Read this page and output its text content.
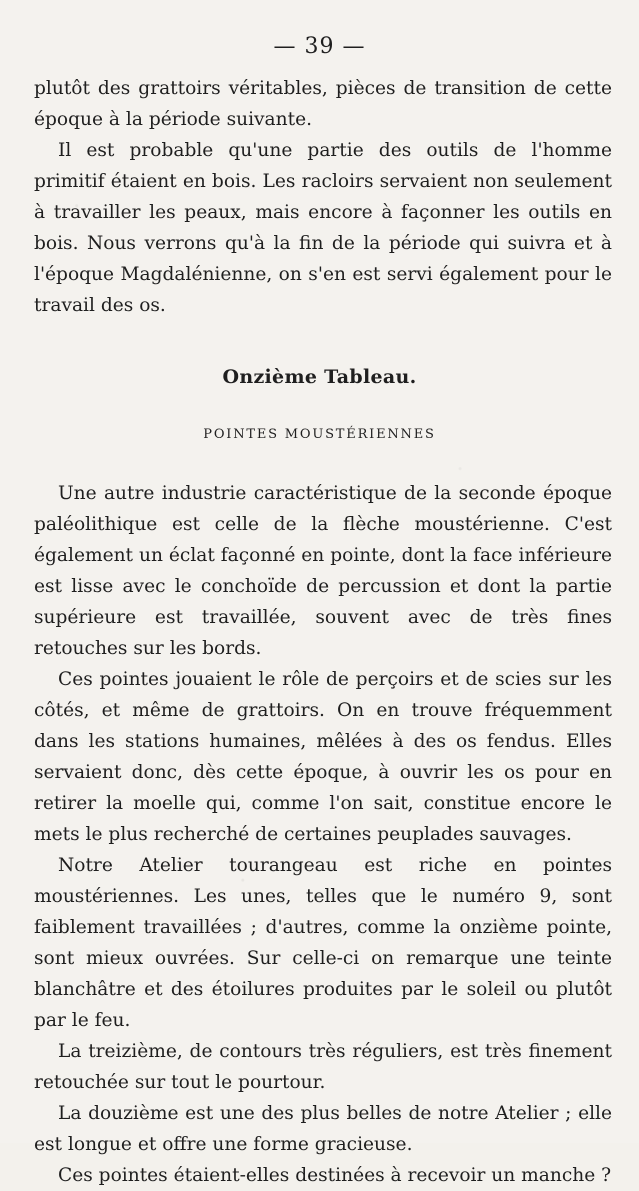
— 39 —

plutôt des grattoirs véritables, pièces de transition de cette époque à la période suivante.

Il est probable qu'une partie des outils de l'homme primitif étaient en bois. Les racloirs servaient non seulement à travailler les peaux, mais encore à façonner les outils en bois. Nous verrons qu'à la fin de la période qui suivra et à l'époque Magdalénienne, on s'en est servi également pour le travail des os.

Onzième Tableau.
POINTES MOUSTÉRIENNES

Une autre industrie caractéristique de la seconde époque paléolithique est celle de la flèche moustérienne. C'est également un éclat façonné en pointe, dont la face inférieure est lisse avec le conchoïde de percussion et dont la partie supérieure est travaillée, souvent avec de très fines retouches sur les bords.

Ces pointes jouaient le rôle de perçoirs et de scies sur les côtés, et même de grattoirs. On en trouve fréquemment dans les stations humaines, mêlées à des os fendus. Elles servaient donc, dès cette époque, à ouvrir les os pour en retirer la moelle qui, comme l'on sait, constitue encore le mets le plus recherché de certaines peuplades sauvages.

Notre Atelier tourangeau est riche en pointes moustériennes. Les unes, telles que le numéro 9, sont faiblement travaillées ; d'autres, comme la onzième pointe, sont mieux ouvrées. Sur celle-ci on remarque une teinte blanchâtre et des étoilures produites par le soleil ou plutôt par le feu.

La treizième, de contours très réguliers, est très finement retouchée sur tout le pourtour.

La douzième est une des plus belles de notre Atelier ; elle est longue et offre une forme gracieuse.

Ces pointes étaient-elles destinées à recevoir un manche ?
